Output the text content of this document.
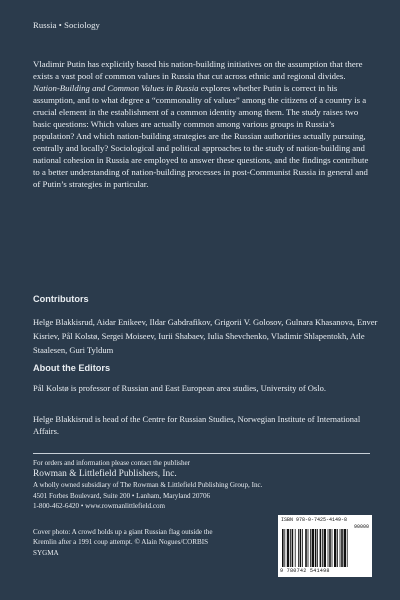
Russia • Sociology

Vladimir Putin has explicitly based his nation-building initiatives on the assumption that there exists a vast pool of common values in Russia that cut across ethnic and regional divides. Nation-Building and Common Values in Russia explores whether Putin is correct in his assumption, and to what degree a “commonality of values” among the citizens of a country is a crucial element in the establishment of a common identity among them. The study raises two basic questions: Which values are actually common among various groups in Russia’s population? And which nation-building strategies are the Russian authorities actually pursuing, centrally and locally? Sociological and political approaches to the study of nation-building and national cohesion in Russia are employed to answer these questions, and the findings contribute to a better understanding of nation-building processes in post-Communist Russia in general and of Putin’s strategies in particular.

Contributors

Helge Blakkisrud, Aidar Enikeev, Ildar Gabdrafikov, Grigorii V. Golosov, Gulnara Khasanova, Enver Kisriev, Pål Kolstø, Sergei Moiseev, Iurii Shabaev, Iulia Shevchenko, Vladimir Shlapentokh, Atle Staalesen, Guri Tyldum

About the Editors

Pål Kolstø is professor of Russian and East European area studies, University of Oslo.

Helge Blakkisrud is head of the Centre for Russian Studies, Norwegian Institute of International Affairs.

For orders and information please contact the publisher
Rowman & Littlefield Publishers, Inc.
A wholly owned subsidiary of The Rowman & Littlefield Publishing Group, Inc.
4501 Forbes Boulevard, Suite 200 • Lanham, Maryland 20706
1-800-462-6420 • www.rowmanlittlefield.com
Cover photo: A crowd holds up a giant Russian flag outside the Kremlin after a 1991 coup attempt. © Alain Nogues/CORBIS SYGMA
ISBN 978-0-7425-4149-8
90000
9 780742 541498
